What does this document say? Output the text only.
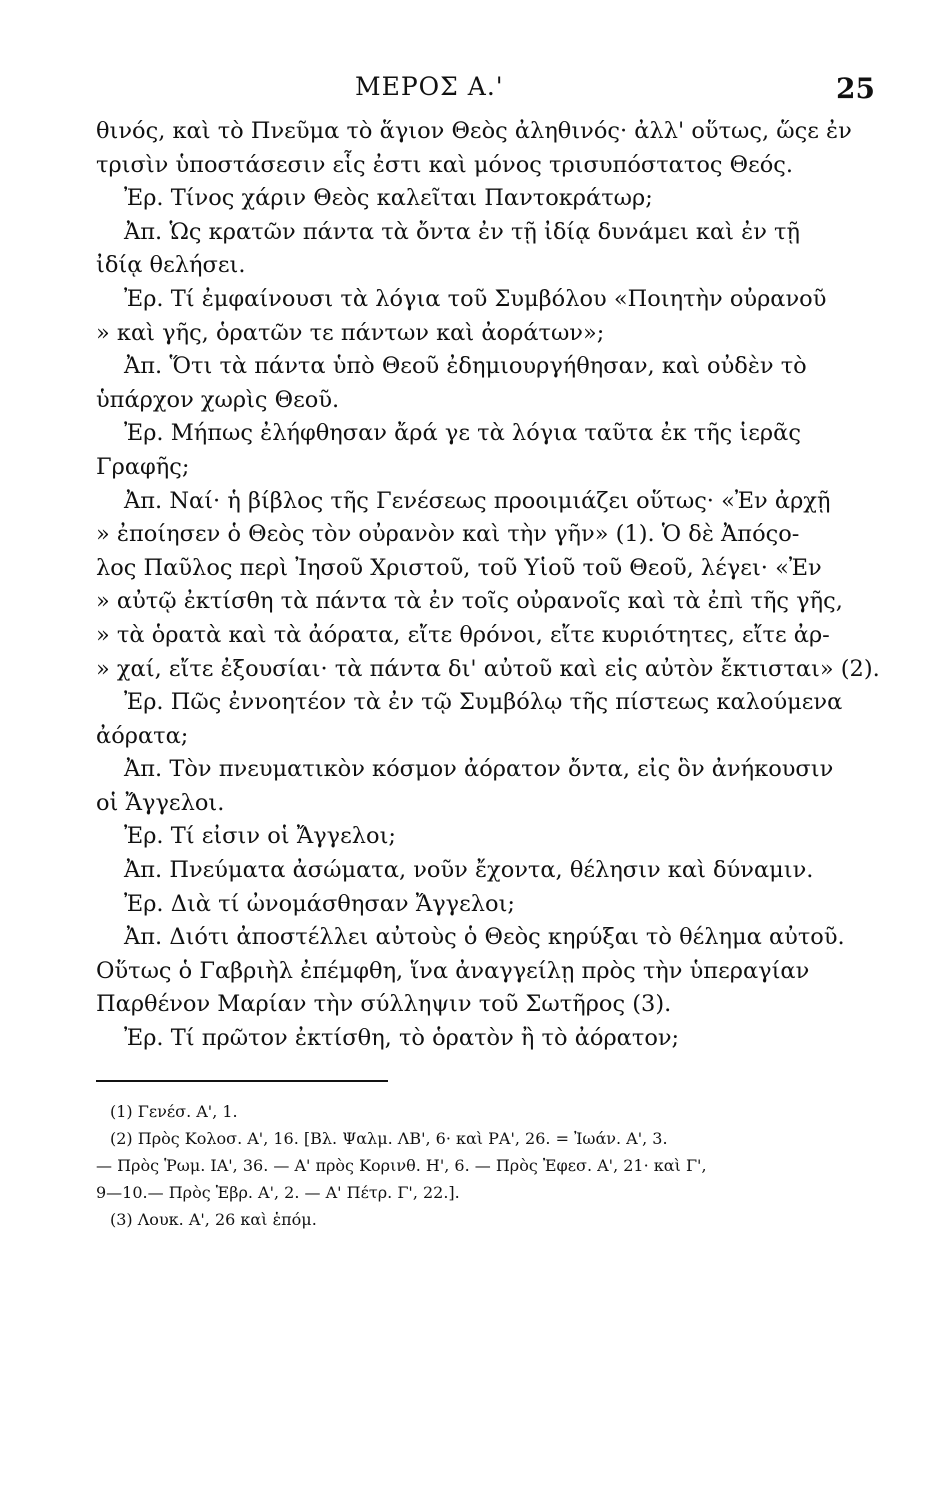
ΜΕΡΟΣ Α.'	25
θινός, καὶ τὸ Πνεῦμα τὸ ἅγιον Θεὸς ἀληθινός· ἀλλ' οὕτως, ὥςε ἐν
τρισὶν ὑποστάσεσιν εἷς ἐστι καὶ μόνος τρισυπόστατος Θεός.
Ἐρ. Τίνος χάριν Θεὸς καλεῖται Παντοκράτωρ;
Ἀπ. Ὡς κρατῶν πάντα τὰ ὄντα ἐν τῇ ἰδίᾳ δυνάμει καὶ ἐν τῇ
ἰδίᾳ θελήσει.
Ἐρ. Τί ἐμφαίνουσι τὰ λόγια τοῦ Συμβόλου «Ποιητὴν οὐρανοῦ
» καὶ γῆς, ὁρατῶν τε πάντων καὶ ἀοράτων»;
Ἀπ. Ὅτι τὰ πάντα ὑπὸ Θεοῦ ἐδημιουργήθησαν, καὶ οὐδὲν τὸ
ὑπάρχον χωρὶς Θεοῦ.
Ἐρ. Μήπως ἐλήφθησαν ἄρά γε τὰ λόγια ταῦτα ἐκ τῆς ἱερᾶς
Γραφῆς;
Ἀπ. Ναί· ἡ βίβλος τῆς Γενέσεως προοιμιάζει οὕτως· «Ἐν ἀρχῇ
» ἐποίησεν ὁ Θεὸς τὸν οὐρανὸν καὶ τὴν γῆν» (1). Ὁ δὲ Ἀπόςο-
λος Παῦλος περὶ Ἰησοῦ Χριστοῦ, τοῦ Υἱοῦ τοῦ Θεοῦ, λέγει· «Ἐν
» αὐτῷ ἐκτίσθη τὰ πάντα τὰ ἐν τοῖς οὐρανοῖς καὶ τὰ ἐπὶ τῆς γῆς,
» τὰ ὁρατὰ καὶ τὰ ἀόρατα, εἴτε θρόνοι, εἴτε κυριότητες, εἴτε ἀρ-
» χαί, εἴτε ἐξουσίαι· τὰ πάντα δι' αὐτοῦ καὶ εἰς αὐτὸν ἔκτισται» (2).
Ἐρ. Πῶς ἐννοητέον τὰ ἐν τῷ Συμβόλῳ τῆς πίστεως καλούμενα
ἀόρατα;
Ἀπ. Τὸν πνευματικὸν κόσμον ἀόρατον ὄντα, εἰς ὃν ἀνήκουσιν
οἱ Ἄγγελοι.
Ἐρ. Τί εἰσιν οἱ Ἄγγελοι;
Ἀπ. Πνεύματα ἀσώματα, νοῦν ἔχοντα, θέλησιν καὶ δύναμιν.
Ἐρ. Διὰ τί ὠνομάσθησαν Ἄγγελοι;
Ἀπ. Διότι ἀποστέλλει αὐτοὺς ὁ Θεὸς κηρύξαι τὸ θέλημα αὐτοῦ.
Οὕτως ὁ Γαβριὴλ ἐπέμφθη, ἵνα ἀναγγείλῃ πρὸς τὴν ὑπεραγίαν
Παρθένον Μαρίαν τὴν σύλληψιν τοῦ Σωτῆρος (3).
Ἐρ. Τί πρῶτον ἐκτίσθη, τὸ ὁρατὸν ἢ τὸ ἀόρατον;
(1) Γενέσ. Α', 1.
(2) Πρὸς Κολοσ. Α', 16. [Βλ. Ψαλμ. ΛΒ', 6· καὶ ΡΑ', 26. = Ἰωάν. Α', 3.
— Πρὸς Ῥωμ. ΙΑ', 36. — Α' πρὸς Κορινθ. Η', 6. — Πρὸς Ἐφεσ. Α', 21· καὶ Γ',
9—10.— Πρὸς Ἑβρ. Α', 2. — Α' Πέτρ. Γ', 22.].
(3) Λουκ. Α', 26 καὶ ἑπόμ.
